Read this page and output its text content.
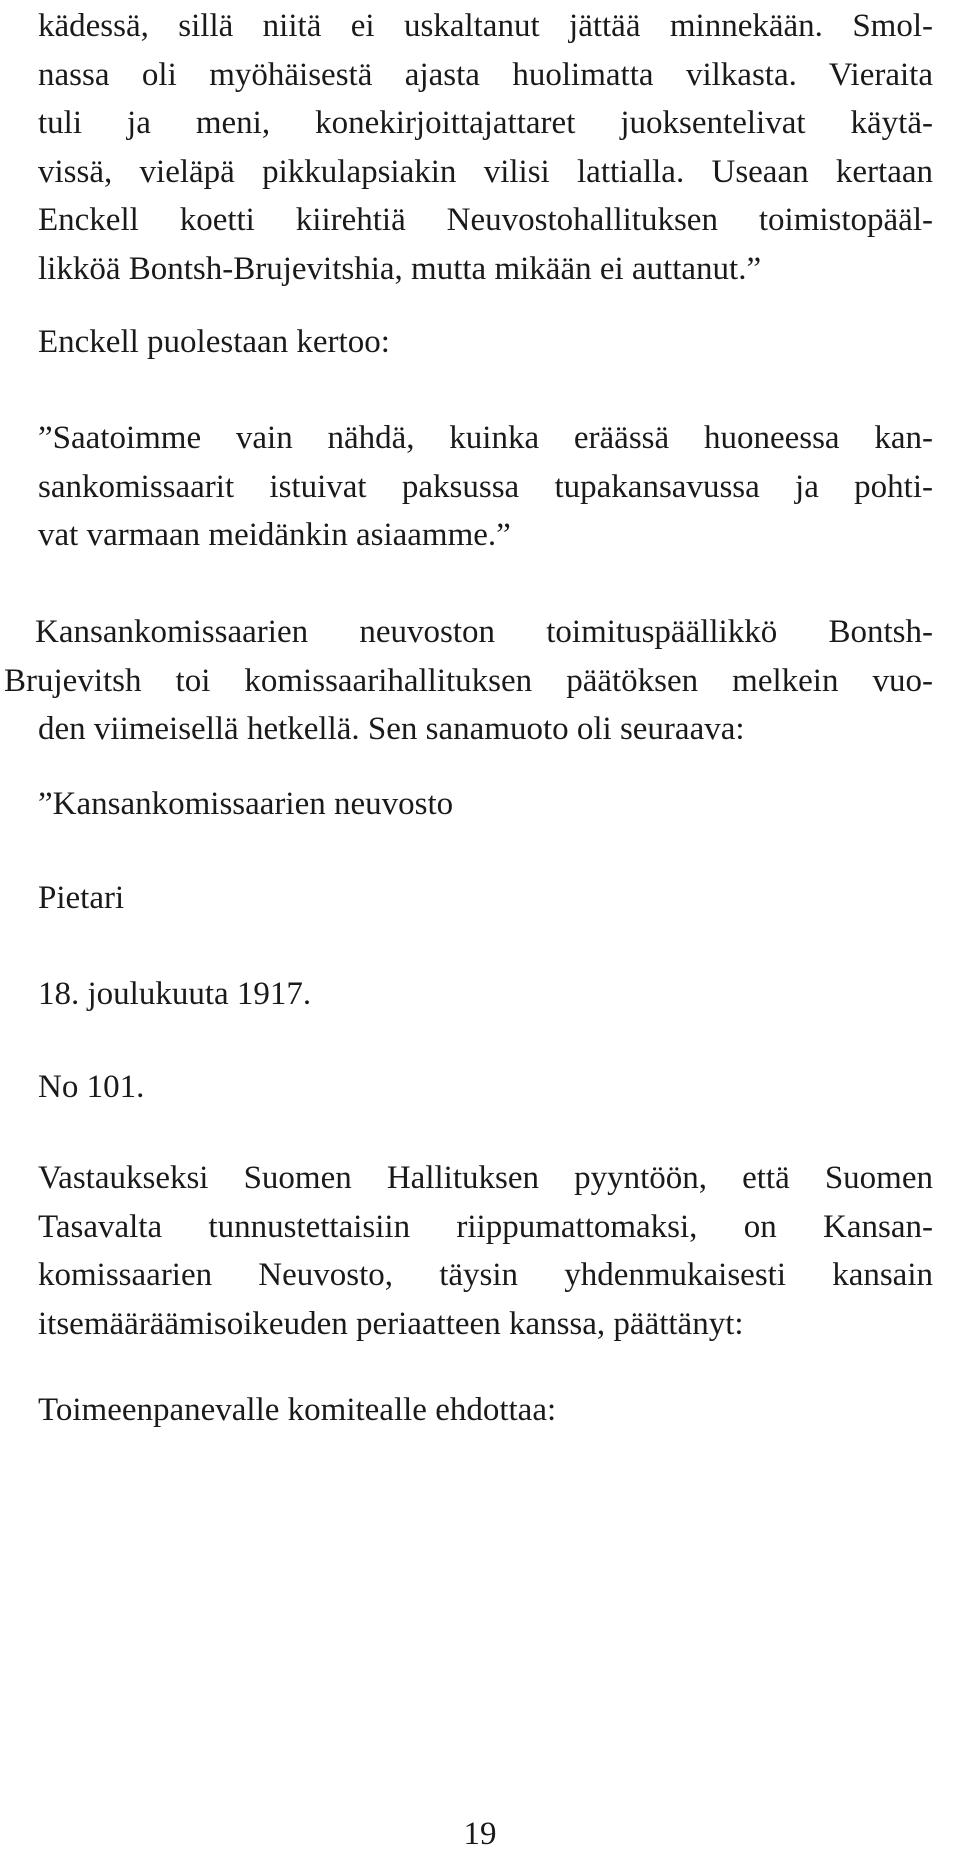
kädessä, sillä niitä ei uskaltanut jättää minnekään. Smol-
nassa oli myöhäisestä ajasta huolimatta vilkasta. Vieraita
tuli ja meni, konekirjoittajattaret juoksentelivat käytä-
vissä, vieläpä pikkulapsiakin vilisi lattialla. Useaan kertaan
Enckell koetti kiirehtiä Neuvostohallituksen toimistopääl-
likköä Bontsh-Brujevitshia, mutta mikään ei auttanut.”
Enckell puolestaan kertoo:
”Saatoimme vain nähdä, kuinka eräässä huoneessa kan-
sankomissaarit istuivat paksussa tupakansavussa ja pohti-
vat varmaan meidänkin asiaamme.”
Kansankomissaarien neuvoston toimituspäällikkö Bontsh-
Brujevitsh toi komissaarihallituksen päätöksen melkein vuo-
den viimeisellä hetkellä. Sen sanamuoto oli seuraava:
”Kansankomissaarien neuvosto
Pietari
18. joulukuuta 1917.
No 101.
Vastaukseksi Suomen Hallituksen pyyntöön, että Suomen
Tasavalta tunnustettaisiin riippumattomaksi, on Kansan-
komissaarien Neuvosto, täysin yhdenmukaisesti kansain
itsemääräämisoikeuden periaatteen kanssa, päättänyt:
Toimeenpanevalle komitealle ehdottaa:
19
